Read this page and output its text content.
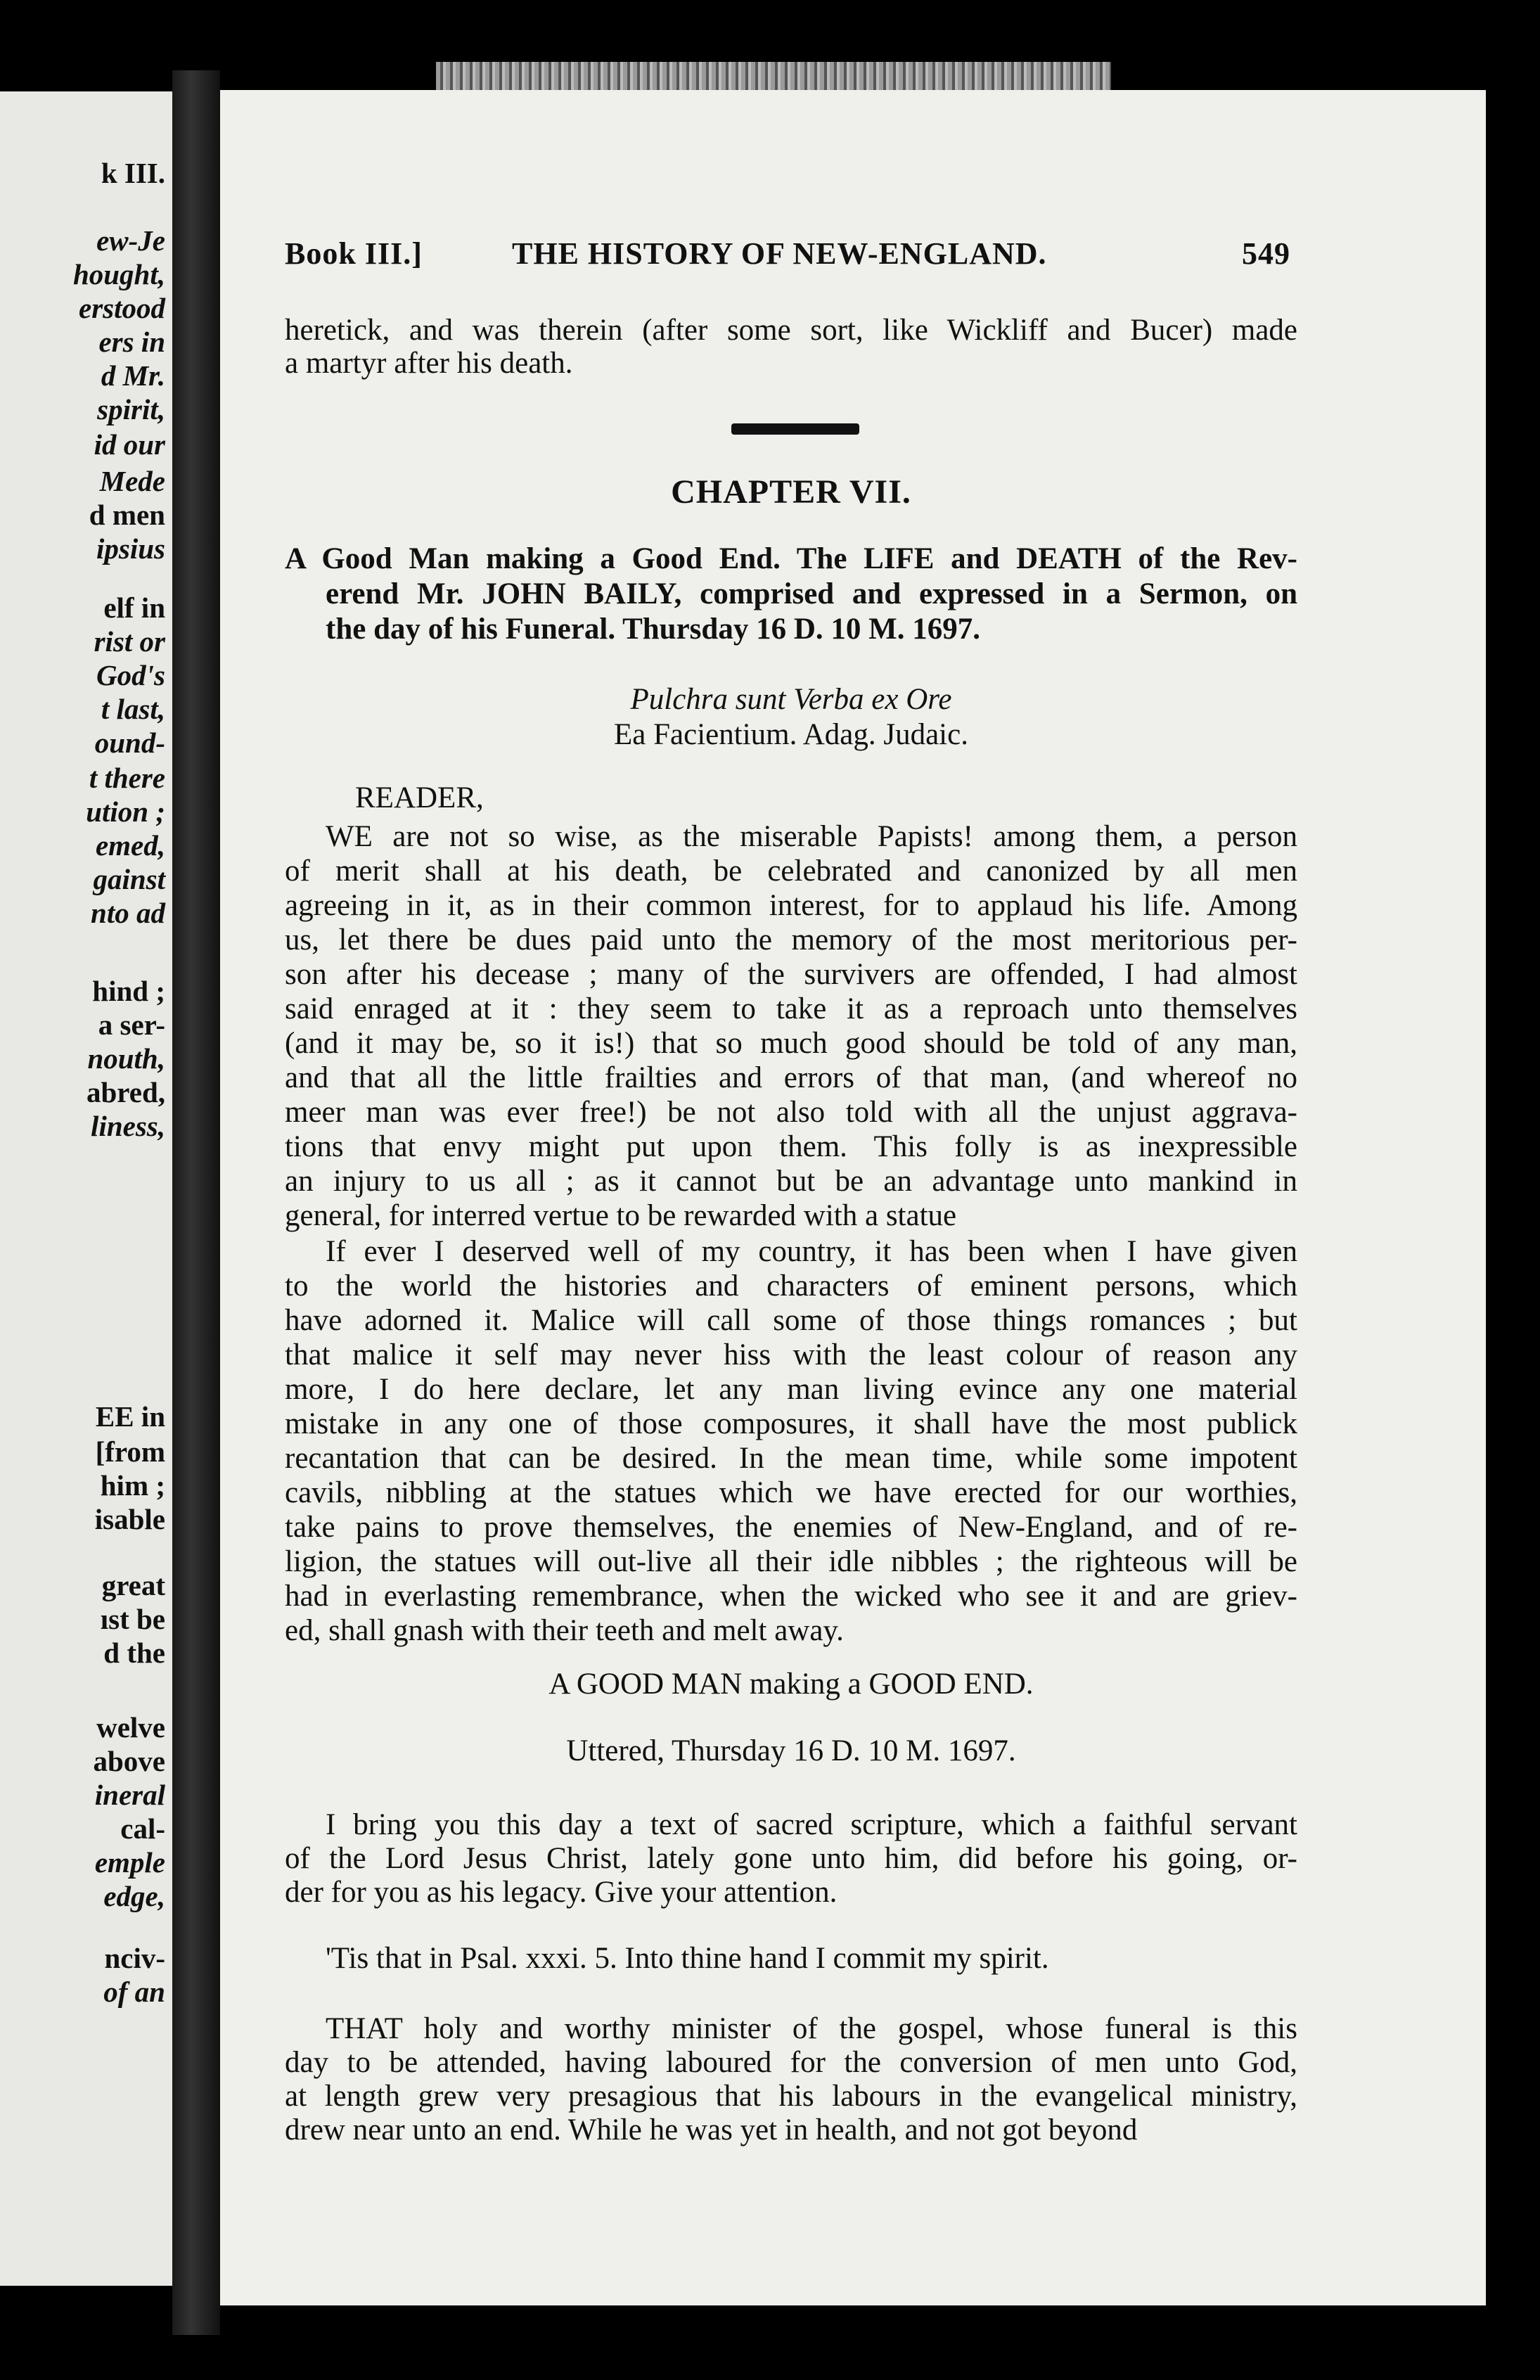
k III.
ew-Je
hought,
erstood
ers in
d Mr.
spirit,
id our
Mede
d men
ipsius
elf in
rist or
God's
t last,
ound-
t there
ution ;
emed,
gainst
nto ad
hind ;
a ser-
nouth,
abred,
liness,
EE in
[from
him ;
isable
great
ıst be
d the
welve
above
ineral
cal-
emple
edge,
nciv-
of an
Book III.]	THE HISTORY OF NEW-ENGLAND.	549
heretick, and was therein (after some sort, like Wickliff and Bucer) made
a martyr after his death.
CHAPTER VII.
A Good Man making a Good End. The LIFE and DEATH of the Rev-
erend Mr. JOHN BAILY, comprised and expressed in a Sermon, on
the day of his Funeral. Thursday 16 D. 10 M. 1697.
Pulchra sunt Verba ex Ore
Ea Facientium. Adag. Judaic.
READER,
WE are not so wise, as the miserable Papists! among them, a person
of merit shall at his death, be celebrated and canonized by all men
agreeing in it, as in their common interest, for to applaud his life. Among
us, let there be dues paid unto the memory of the most meritorious per-
son after his decease ; many of the survivers are offended, I had almost
said enraged at it : they seem to take it as a reproach unto themselves
(and it may be, so it is!) that so much good should be told of any man,
and that all the little frailties and errors of that man, (and whereof no
meer man was ever free!) be not also told with all the unjust aggrava-
tions that envy might put upon them. This folly is as inexpressible
an injury to us all ; as it cannot but be an advantage unto mankind in
general, for interred vertue to be rewarded with a statue
If ever I deserved well of my country, it has been when I have given
to the world the histories and characters of eminent persons, which
have adorned it. Malice will call some of those things romances ; but
that malice it self may never hiss with the least colour of reason any
more, I do here declare, let any man living evince any one material
mistake in any one of those composures, it shall have the most publick
recantation that can be desired. In the mean time, while some impotent
cavils, nibbling at the statues which we have erected for our worthies,
take pains to prove themselves, the enemies of New-England, and of re-
ligion, the statues will out-live all their idle nibbles ; the righteous will be
had in everlasting remembrance, when the wicked who see it and are griev-
ed, shall gnash with their teeth and melt away.
A GOOD MAN making a GOOD END.
Uttered, Thursday 16 D. 10 M. 1697.
I bring you this day a text of sacred scripture, which a faithful servant
of the Lord Jesus Christ, lately gone unto him, did before his going, or-
der for you as his legacy. Give your attention.
'Tis that in Psal. xxxi. 5. Into thine hand I commit my spirit.
THAT holy and worthy minister of the gospel, whose funeral is this
day to be attended, having laboured for the conversion of men unto God,
at length grew very presagious that his labours in the evangelical ministry,
drew near unto an end. While he was yet in health, and not got beyond
